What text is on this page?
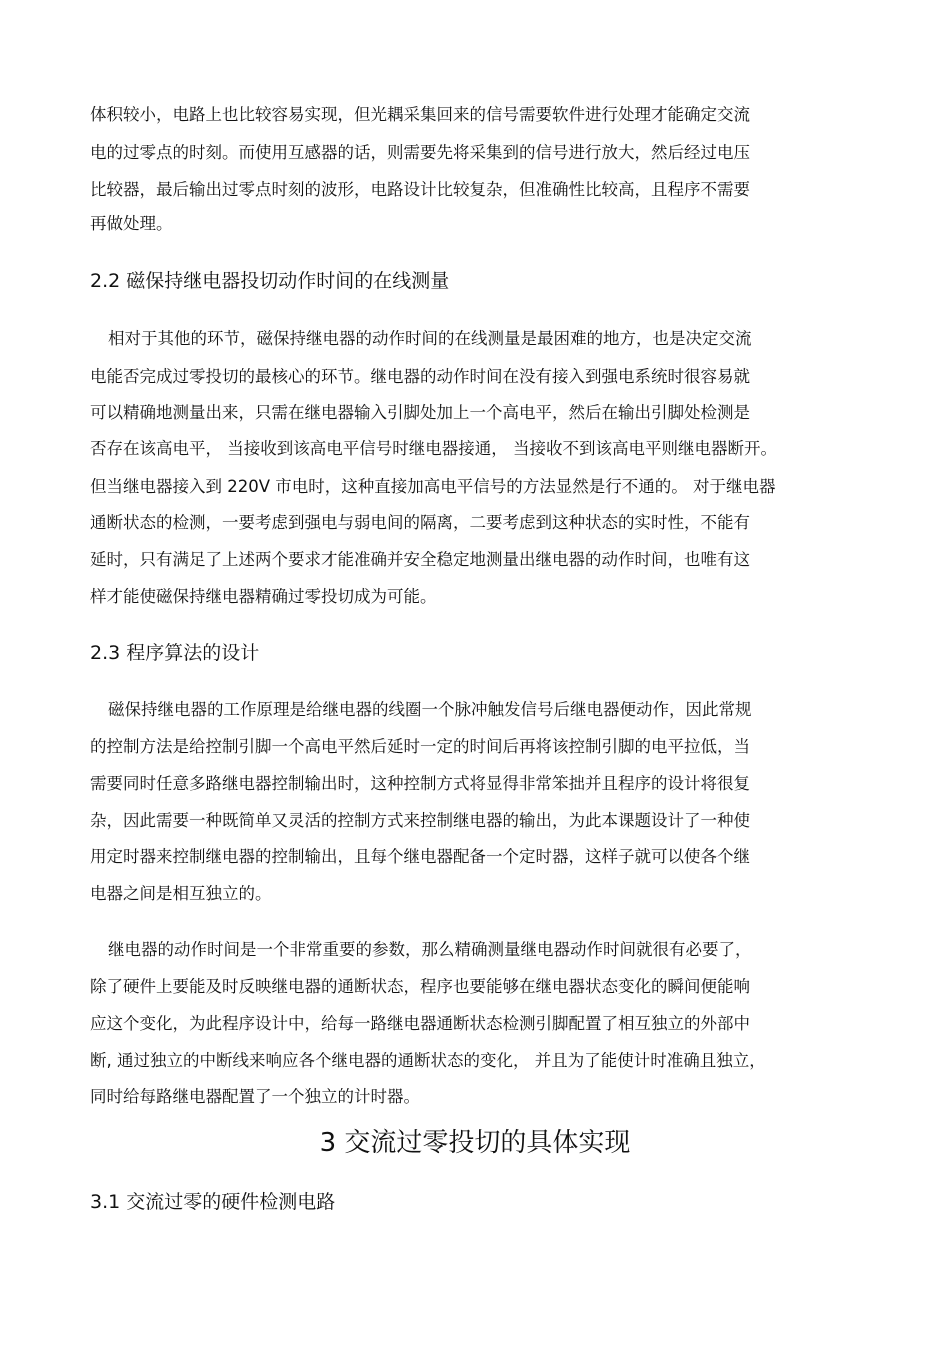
体积较小，电路上也比较容易实现，但光耦采集回来的信号需要软件进行处理才能确定交流
电的过零点的时刻。而使用互感器的话，则需要先将采集到的信号进行放大，然后经过电压
比较器，最后输出过零点时刻的波形，电路设计比较复杂，但准确性比较高，且程序不需要
再做处理。
2.2 磁保持继电器投切动作时间的在线测量
相对于其他的环节，磁保持继电器的动作时间的在线测量是最困难的地方，也是决定交流
电能否完成过零投切的最核心的环节。继电器的动作时间在没有接入到强电系统时很容易就
可以精确地测量出来，只需在继电器输入引脚处加上一个高电平，然后在输出引脚处检测是
否存在该高电平， 当接收到该高电平信号时继电器接通， 当接收不到该高电平则继电器断开。
但当继电器接入到 220V 市电时，这种直接加高电平信号的方法显然是行不通的。 对于继电器
通断状态的检测，一要考虑到强电与弱电间的隔离，二要考虑到这种状态的实时性，不能有
延时，只有满足了上述两个要求才能准确并安全稳定地测量出继电器的动作时间，也唯有这
样才能使磁保持继电器精确过零投切成为可能。
2.3 程序算法的设计
磁保持继电器的工作原理是给继电器的线圈一个脉冲触发信号后继电器便动作，因此常规
的控制方法是给控制引脚一个高电平然后延时一定的时间后再将该控制引脚的电平拉低，当
需要同时任意多路继电器控制输出时，这种控制方式将显得非常笨拙并且程序的设计将很复
杂，因此需要一种既简单又灵活的控制方式来控制继电器的输出，为此本课题设计了一种使
用定时器来控制继电器的控制输出，且每个继电器配备一个定时器，这样子就可以使各个继
电器之间是相互独立的。
继电器的动作时间是一个非常重要的参数，那么精确测量继电器动作时间就很有必要了，
除了硬件上要能及时反映继电器的通断状态，程序也要能够在继电器状态变化的瞬间便能响
应这个变化，为此程序设计中，给每一路继电器通断状态检测引脚配置了相互独立的外部中
断, 通过独立的中断线来响应各个继电器的通断状态的变化， 并且为了能使计时准确且独立，
同时给每路继电器配置了一个独立的计时器。
3 交流过零投切的具体实现
3.1 交流过零的硬件检测电路
